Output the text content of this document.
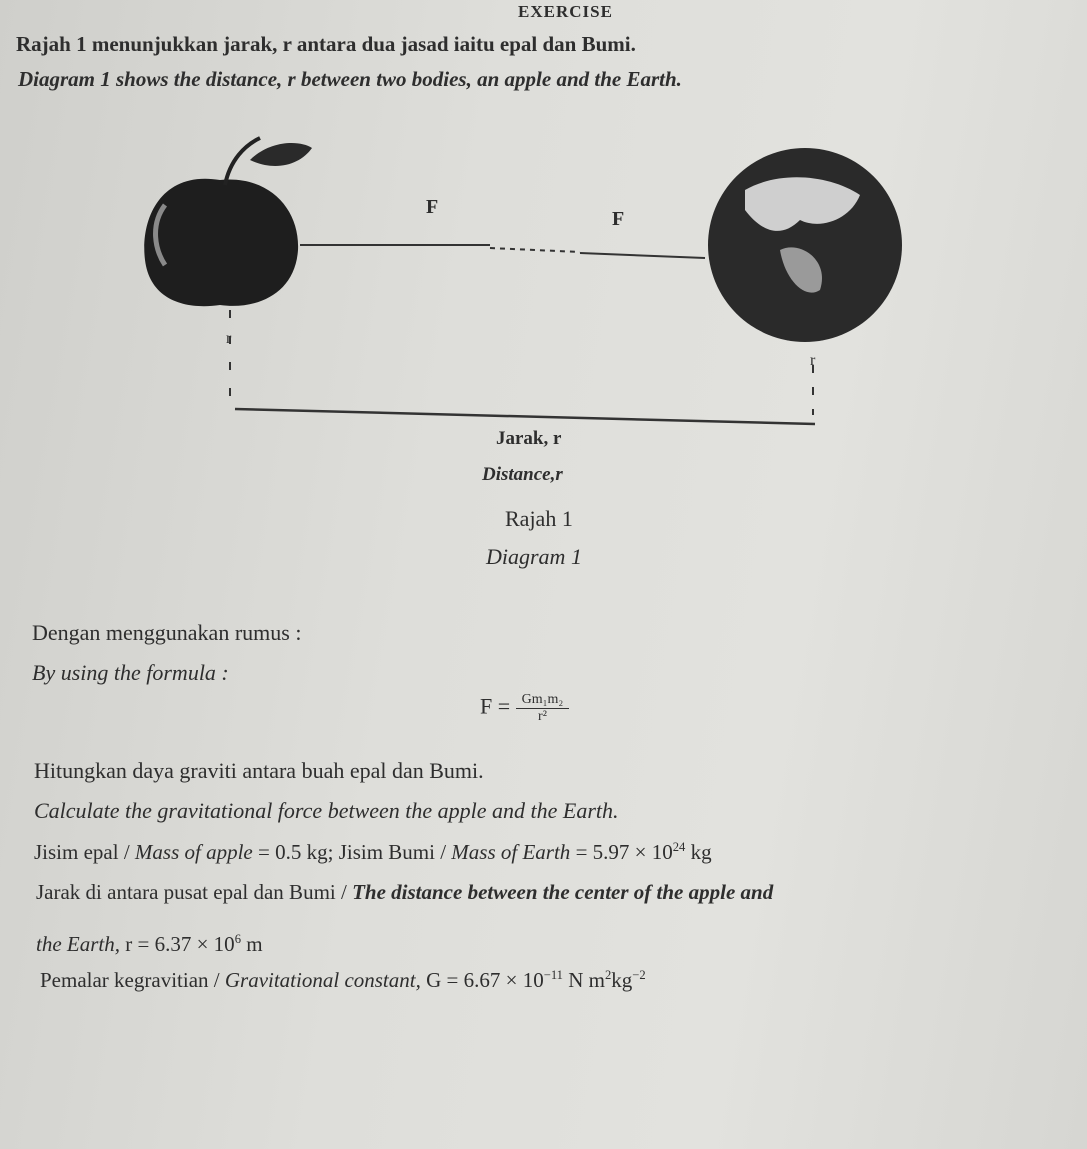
EXERCISE
Rajah 1 menunjukkan jarak, r antara dua jasad iaitu epal dan Bumi.
Diagram 1 shows the distance, r between two bodies, an apple and the Earth.
F
F
r
r
Jarak, r
Distance,r
Rajah 1
Diagram 1
Dengan menggunakan rumus :
By using the formula :
$F = \frac{\text{Gm₁m₂}}{\text{r²}}$
Hitungkan daya graviti antara buah epal dan Bumi.
Calculate the gravitational force between the apple and the Earth.
Jisim epal / Mass of apple = 0.5 kg; Jisim Bumi / Mass of Earth = $5.97 \times 10^{24}$ kg
Jarak di antara pusat epal dan Bumi / The distance between the center of the apple and
the Earth, $r = 6.37 \times 10^6$ m
Pemalar kegravitian / Gravitational constant, $G = 6.67 \times 10^{-11}$ N $m^2kg^{-2}$
